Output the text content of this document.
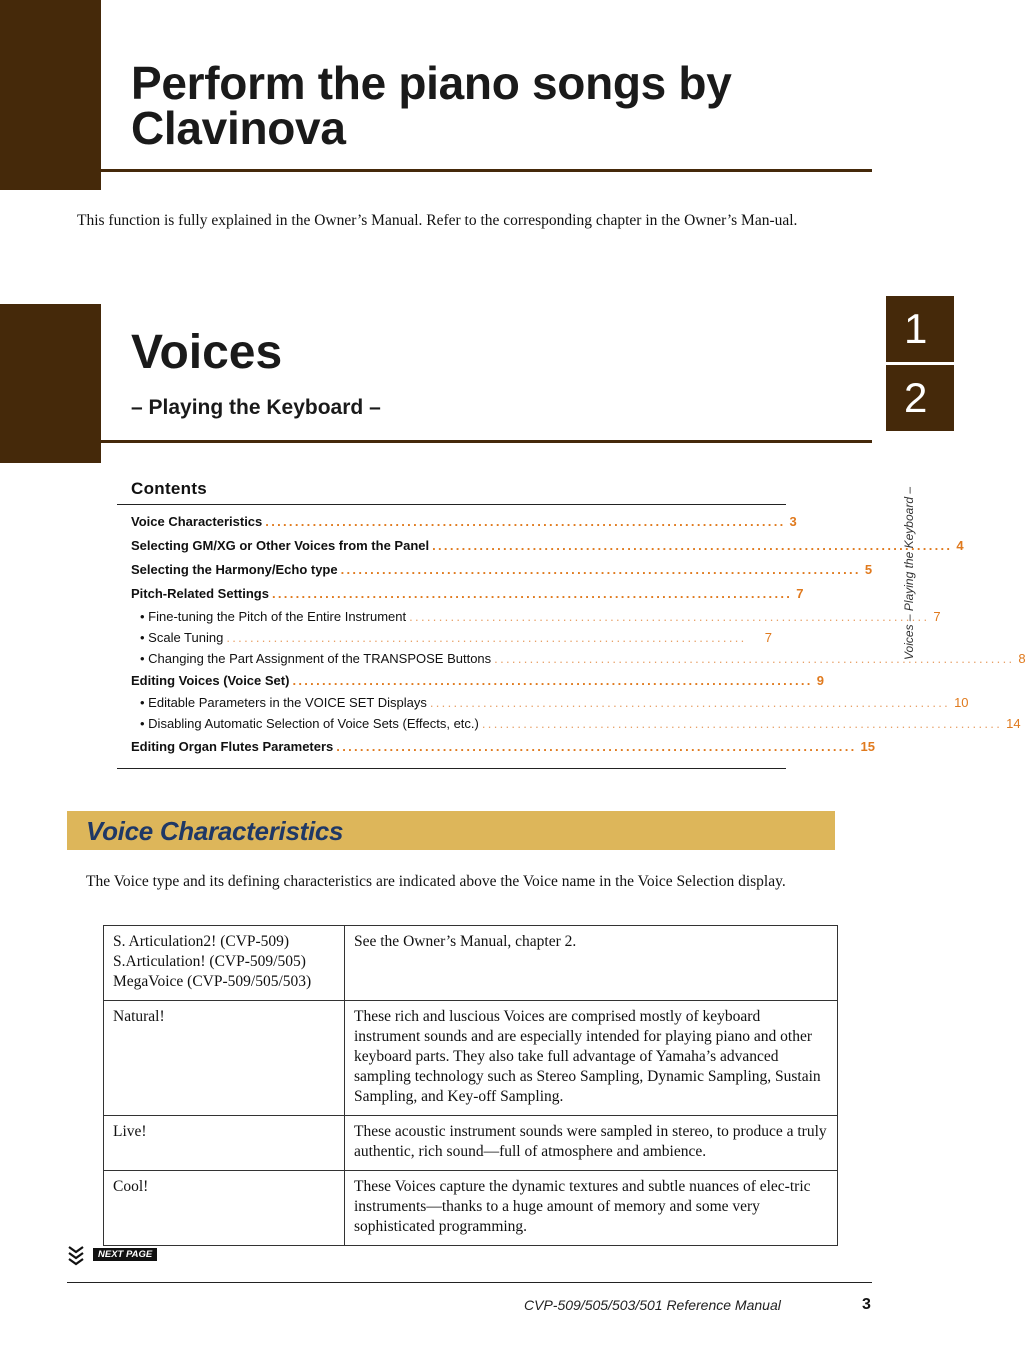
Perform the piano songs by
Clavinova
This function is fully explained in the Owner’s Manual. Refer to the corresponding chapter in the Owner’s Man-ual.
Voices
– Playing the Keyboard –
1
2
Voices – Playing the Keyboard –
Contents
Voice Characteristics ........................................................................................ 3
Selecting GM/XG or Other Voices from the Panel ........................................................................................ 4
Selecting the Harmony/Echo type ........................................................................................ 5
Pitch-Related Settings ........................................................................................ 7
• Fine-tuning the Pitch of the Entire Instrument ........................................................................................ 7
• Scale Tuning ........................................................................................	7
• Changing the Part Assignment of the TRANSPOSE Buttons ........................................................................................ 8
Editing Voices (Voice Set) ........................................................................................ 9
• Editable Parameters in the VOICE SET Displays ........................................................................................ 10
• Disabling Automatic Selection of Voice Sets (Effects, etc.) ........................................................................................ 14
Editing Organ Flutes Parameters ........................................................................................ 15
Voice Characteristics
The Voice type and its defining characteristics are indicated above the Voice name in the Voice Selection display.
S. Articulation2! (CVP-509)
S.Articulation! (CVP-509/505)
MegaVoice (CVP-509/505/503)	See the Owner’s Manual, chapter 2.

Natural!	These rich and luscious Voices are comprised mostly of keyboard instrument sounds and are especially intended for playing piano and other keyboard parts. They also take full advantage of Yamaha’s advanced sampling technology such as Stereo Sampling, Dynamic Sampling, Sustain Sampling, and Key-off Sampling.

Live!	These acoustic instrument sounds were sampled in stereo, to produce a truly authentic, rich sound—full of atmosphere and ambience.

Cool!	These Voices capture the dynamic textures and subtle nuances of elec-tric instruments—thanks to a huge amount of memory and some very sophisticated programming.
NEXT PAGE
CVP-509/505/503/501 Reference Manual	3
